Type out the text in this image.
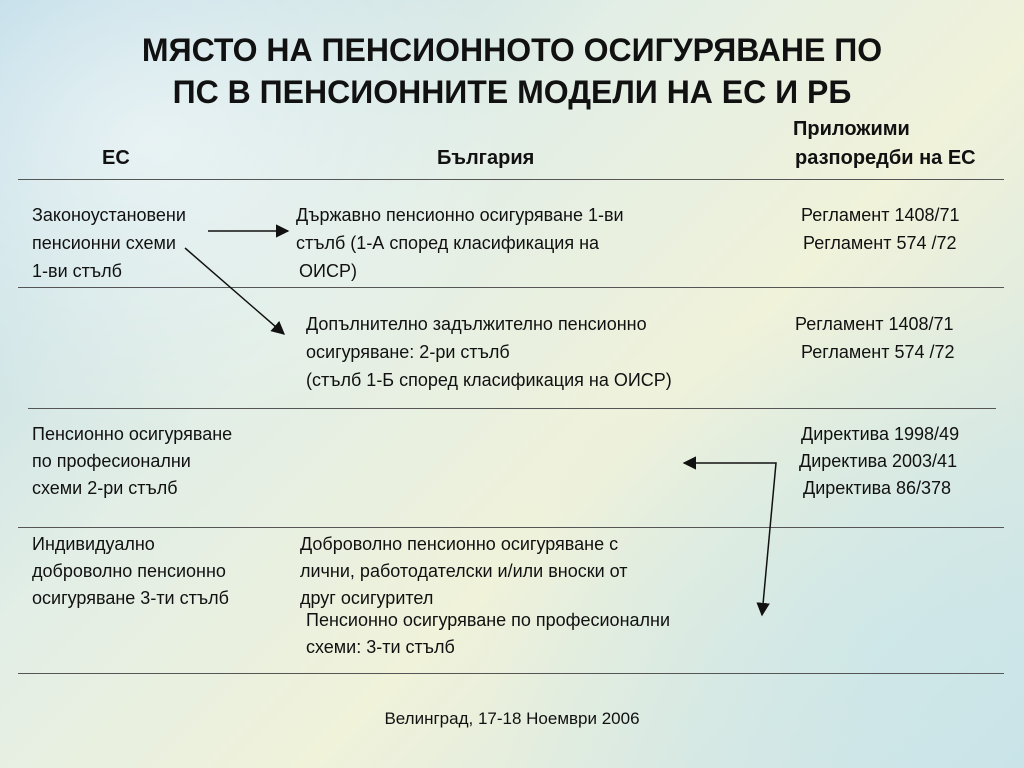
МЯСТО НА ПЕНСИОННОТО ОСИГУРЯВАНЕ ПО
ПС В ПЕНСИОННИТЕ МОДЕЛИ НА ЕС И РБ
ЕС	България
Приложими
разпоредби на ЕС
Законоустановени
пенсионни схеми
1-ви стълб
Държавно пенсионно осигуряване 1-ви
стълб (1-А според класификация на
ОИСР)
Регламент 1408/71
Регламент 574 /72
Допълнително задължително пенсионно
осигуряване: 2-ри стълб
(стълб 1-Б според класификация на ОИСР)
Регламент 1408/71
Регламент 574 /72
Пенсионно осигуряване
по професионални
схеми 2-ри стълб
Директива 1998/49
Директива 2003/41
Директива 86/378
Индивидуално
доброволно пенсионно
осигуряване 3-ти стълб
Доброволно пенсионно осигуряване с
лични, работодателски и/или вноски от
друг осигурител
Пенсионно осигуряване по професионални
схеми: 3-ти стълб
Велинград, 17-18 Ноември 2006
